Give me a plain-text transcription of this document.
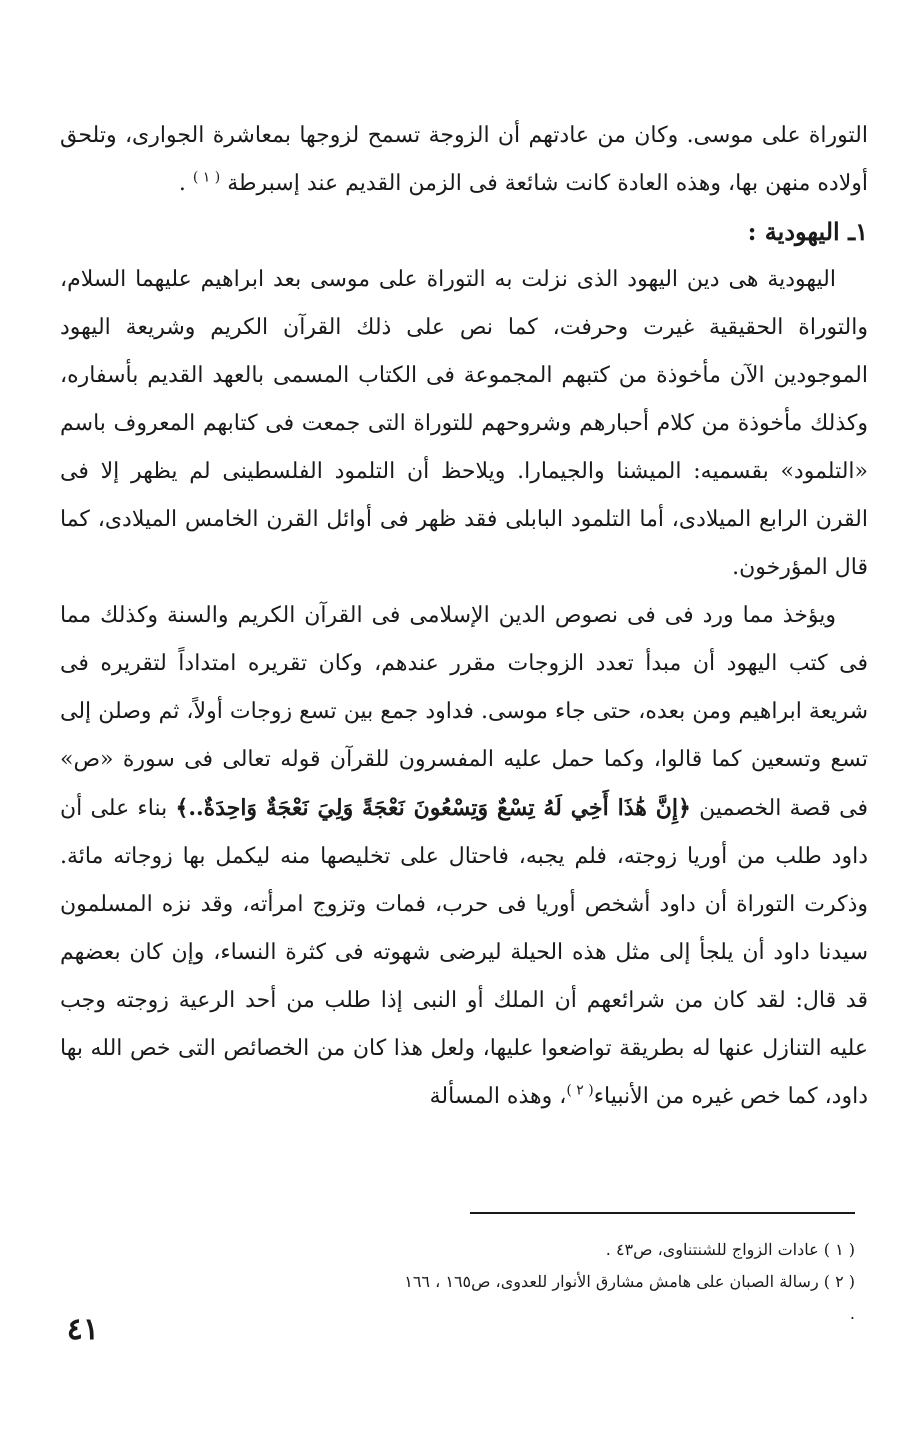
التوراة على موسى. وكان من عادتهم أن الزوجة تسمح لزوجها بمعاشرة الجوارى، وتلحق أولاده منهن بها، وهذه العادة كانت شائعة فى الزمن القديم عند إسبرطة $^{( ١ )}$ .

١ـ اليهودية :

اليهودية هى دين اليهود الذى نزلت به التوراة على موسى بعد ابراهيم عليهما السلام، والتوراة الحقيقية غيرت وحرفت، كما نص على ذلك القرآن الكريم وشريعة اليهود الموجودين الآن مأخوذة من كتبهم المجموعة فى الكتاب المسمى بالعهد القديم بأسفاره، وكذلك مأخوذة من كلام أحبارهم وشروحهم للتوراة التى جمعت فى كتابهم المعروف باسم «التلمود» بقسميه: الميشنا والجيمارا. ويلاحظ أن التلمود الفلسطينى لم يظهر إلا فى القرن الرابع الميلادى، أما التلمود البابلى فقد ظهر فى أوائل القرن الخامس الميلادى، كما قال المؤرخون.

ويؤخذ مما ورد فى فى نصوص الدين الإسلامى فى القرآن الكريم والسنة وكذلك مما فى كتب اليهود أن مبدأ تعدد الزوجات مقرر عندهم، وكان تقريره امتداداً لتقريره فى شريعة ابراهيم ومن بعده، حتى جاء موسى. فداود جمع بين تسع زوجات أولاً، ثم وصلن إلى تسع وتسعين كما قالوا، وكما حمل عليه المفسرون للقرآن قوله تعالى فى سورة «ص» فى قصة الخصمين ﴿إِنَّ هَٰذَا أَخِي لَهُ تِسْعٌ وَتِسْعُونَ نَعْجَةً وَلِيَ نَعْجَةٌ وَاحِدَةٌ..﴾ بناء على أن داود طلب من أوريا زوجته، فلم يجبه، فاحتال على تخليصها منه ليكمل بها زوجاته مائة. وذكرت التوراة أن داود أشخص أوريا فى حرب، فمات وتزوج امرأته، وقد نزه المسلمون سيدنا داود أن يلجأ إلى مثل هذه الحيلة ليرضى شهوته فى كثرة النساء، وإن كان بعضهم قد قال: لقد كان من شرائعهم أن الملك أو النبى إذا طلب من أحد الرعية زوجته وجب عليه التنازل عنها له بطريقة تواضعوا عليها، ولعل هذا كان من الخصائص التى خص الله بها داود، كما خص غيره من الأنبياء$^{( ٢ )}$، وهذه المسألة

( ١ ) عادات الزواج للشنتناوى، ص٤٣ .

( ٢ ) رسالة الصبان على هامش مشارق الأنوار للعدوى، ص١٦٥ ، ١٦٦ .

٤١
